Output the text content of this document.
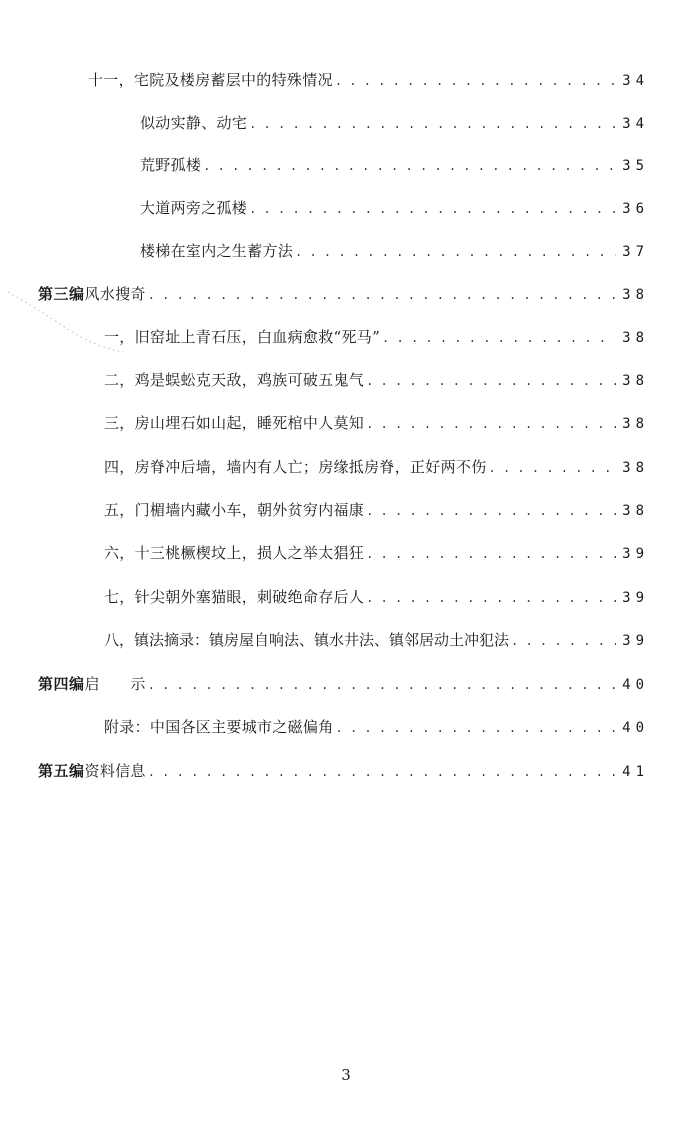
十一，宅院及楼房蓄层中的特殊情况 . . .	34
似动实静、动宅 . . .	34
荒野孤楼 . . .	35
大道两旁之孤楼 . . .	36
楼梯在室内之生蓄方法 . . .	37
第三编 风水搜奇 . . .	38
一，旧窑址上青石压，白血病愈救“死马” . . .	38
二，鸡是蜈蚣克天敌，鸡族可破五鬼气 . . .	38
三，房山埋石如山起，睡死棺中人莫知 . . .	38
四，房脊冲后墙，墙内有人亡；房缘抵房脊，正好两不伤 . . .	38
五，门楣墙内藏小车，朝外贫穷内福康 . . .	38
六，十三桃橛楔坟上，损人之举太猖狂 . . .	39
七，针尖朝外塞猫眼，刺破绝命存后人 . . .	39
八，镇法摘录：镇房屋自响法、镇水井法、镇邻居动土冲犯法 . . .	39
第四编 启　　示 . . .	40
附录：中国各区主要城市之磁偏角 . . .	40
第五编 资料信息 . . .	41
3
